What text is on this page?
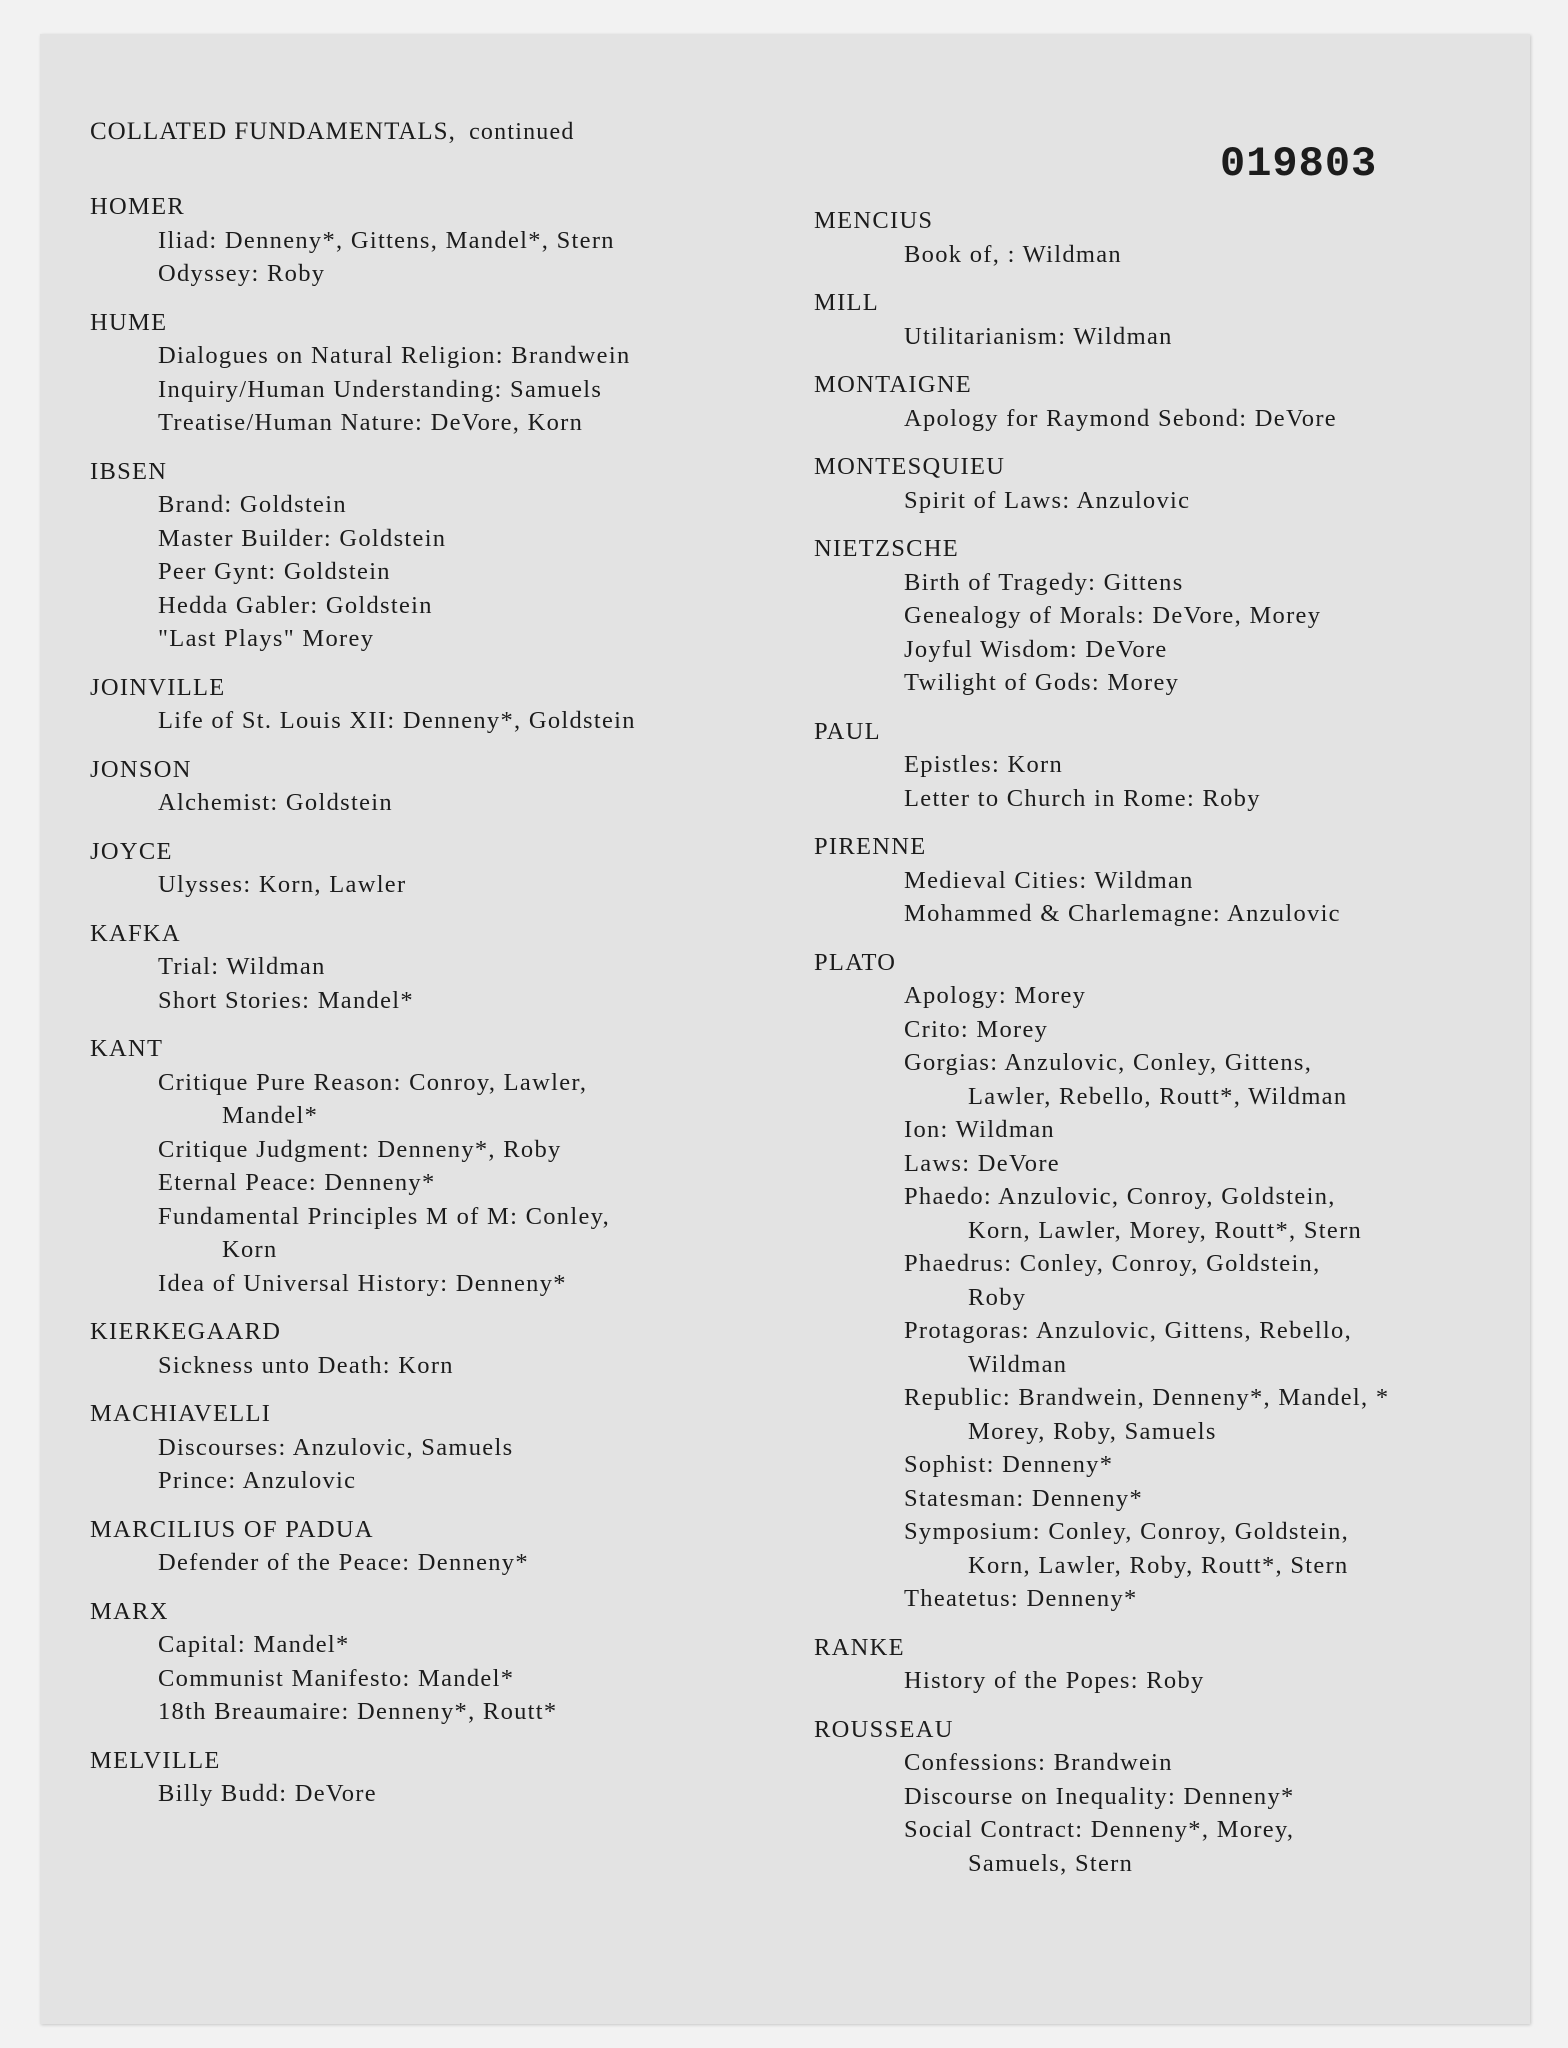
COLLATED FUNDAMENTALS, continued
019803
HOMER
Iliad: Denneny*, Gittens, Mandel*, Stern
Odyssey: Roby
HUME
Dialogues on Natural Religion: Brandwein
Inquiry/Human Understanding: Samuels
Treatise/Human Nature: DeVore, Korn
IBSEN
Brand: Goldstein
Master Builder: Goldstein
Peer Gynt: Goldstein
Hedda Gabler: Goldstein
"Last Plays" Morey
JOINVILLE
Life of St. Louis XII: Denneny*, Goldstein
JONSON
Alchemist: Goldstein
JOYCE
Ulysses: Korn, Lawler
KAFKA
Trial: Wildman
Short Stories: Mandel*
KANT
Critique Pure Reason: Conroy, Lawler,
Mandel*
Critique Judgment: Denneny*, Roby
Eternal Peace: Denneny*
Fundamental Principles M of M: Conley,
Korn
Idea of Universal History: Denneny*
KIERKEGAARD
Sickness unto Death: Korn
MACHIAVELLI
Discourses: Anzulovic, Samuels
Prince: Anzulovic
MARCILIUS OF PADUA
Defender of the Peace: Denneny*
MARX
Capital: Mandel*
Communist Manifesto: Mandel*
18th Breaumaire: Denneny*, Routt*
MELVILLE
Billy Budd: DeVore
MENCIUS
Book of, : Wildman
MILL
Utilitarianism: Wildman
MONTAIGNE
Apology for Raymond Sebond: DeVore
MONTESQUIEU
Spirit of Laws: Anzulovic
NIETZSCHE
Birth of Tragedy: Gittens
Genealogy of Morals: DeVore, Morey
Joyful Wisdom: DeVore
Twilight of Gods: Morey
PAUL
Epistles: Korn
Letter to Church in Rome: Roby
PIRENNE
Medieval Cities: Wildman
Mohammed & Charlemagne: Anzulovic
PLATO
Apology: Morey
Crito: Morey
Gorgias: Anzulovic, Conley, Gittens,
Lawler, Rebello, Routt*, Wildman
Ion: Wildman
Laws: DeVore
Phaedo: Anzulovic, Conroy, Goldstein,
Korn, Lawler, Morey, Routt*, Stern
Phaedrus: Conley, Conroy, Goldstein,
Roby
Protagoras: Anzulovic, Gittens, Rebello,
Wildman
Republic: Brandwein, Denneny*, Mandel, *
Morey, Roby, Samuels
Sophist: Denneny*
Statesman: Denneny*
Symposium: Conley, Conroy, Goldstein,
Korn, Lawler, Roby, Routt*, Stern
Theatetus: Denneny*
RANKE
History of the Popes: Roby
ROUSSEAU
Confessions: Brandwein
Discourse on Inequality: Denneny*
Social Contract: Denneny*, Morey,
Samuels, Stern
